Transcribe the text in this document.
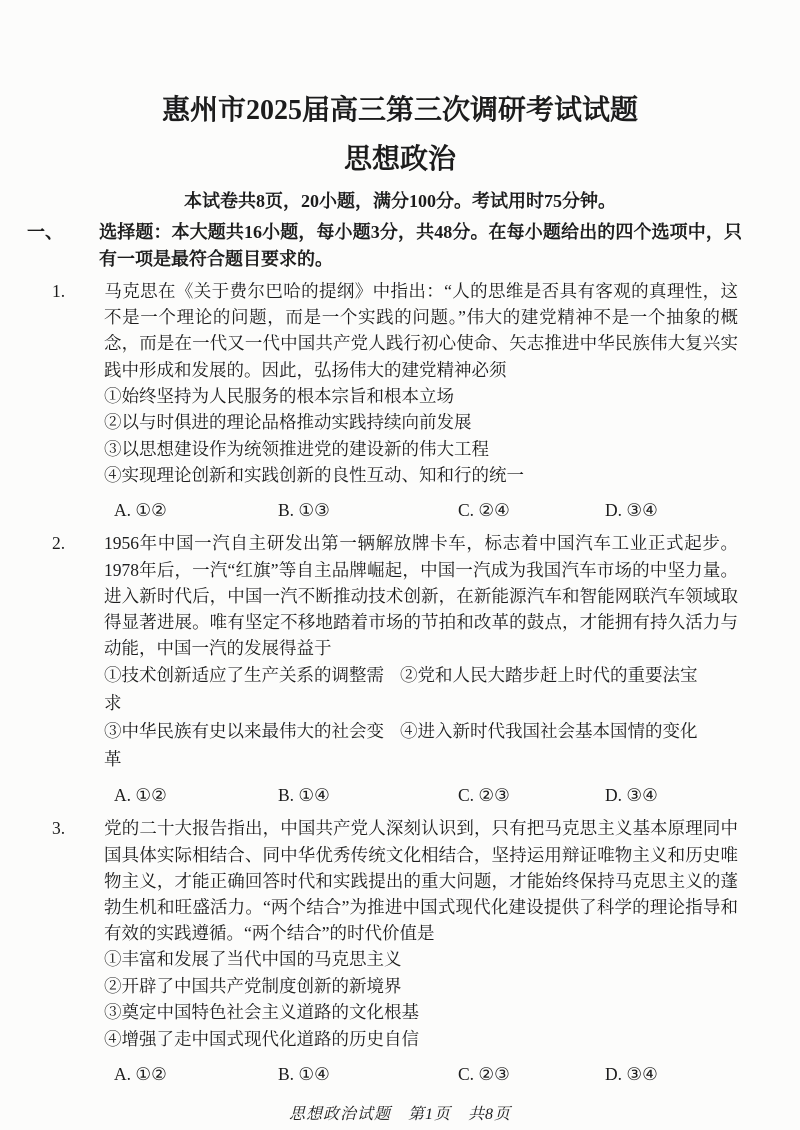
惠州市2025届高三第三次调研考试试题
思想政治
本试卷共8页，20小题，满分100分。考试用时75分钟。
一、 选择题：本大题共16小题，每小题3分，共48分。在每小题给出的四个选项中，只有一项是最符合题目要求的。
1. 马克思在《关于费尔巴哈的提纲》中指出：“人的思维是否具有客观的真理性，这不是一个理论的问题，而是一个实践的问题。”伟大的建党精神不是一个抽象的概念，而是在一代又一代中国共产党人践行初心使命、矢志推进中华民族伟大复兴实践中形成和发展的。因此，弘扬伟大的建党精神必须
①始终坚持为人民服务的根本宗旨和根本立场
②以与时俱进的理论品格推动实践持续向前发展
③以思想建设作为统领推进党的建设新的伟大工程
④实现理论创新和实践创新的良性互动、知和行的统一
A. ①②	B. ①③	C. ②④	D. ③④
2. 1956年中国一汽自主研发出第一辆解放牌卡车，标志着中国汽车工业正式起步。1978年后，一汽“红旗”等自主品牌崛起，中国一汽成为我国汽车市场的中坚力量。进入新时代后，中国一汽不断推动技术创新，在新能源汽车和智能网联汽车领域取得显著进展。唯有坚定不移地踏着市场的节拍和改革的鼓点，才能拥有持久活力与动能，中国一汽的发展得益于
①技术创新适应了生产关系的调整需求
②党和人民大踏步赶上时代的重要法宝
③中华民族有史以来最伟大的社会变革
④进入新时代我国社会基本国情的变化
A. ①②	B. ①④	C. ②③	D. ③④
3. 党的二十大报告指出，中国共产党人深刻认识到，只有把马克思主义基本原理同中国具体实际相结合、同中华优秀传统文化相结合，坚持运用辩证唯物主义和历史唯物主义，才能正确回答时代和实践提出的重大问题，才能始终保持马克思主义的蓬勃生机和旺盛活力。“两个结合”为推进中国式现代化建设提供了科学的理论指导和有效的实践遵循。“两个结合”的时代价值是
①丰富和发展了当代中国的马克思主义
②开辟了中国共产党制度创新的新境界
③奠定中国特色社会主义道路的文化根基
④增强了走中国式现代化道路的历史自信
A. ①②	B. ①④	C. ②③	D. ③④
思想政治试题　第1页　共8页
